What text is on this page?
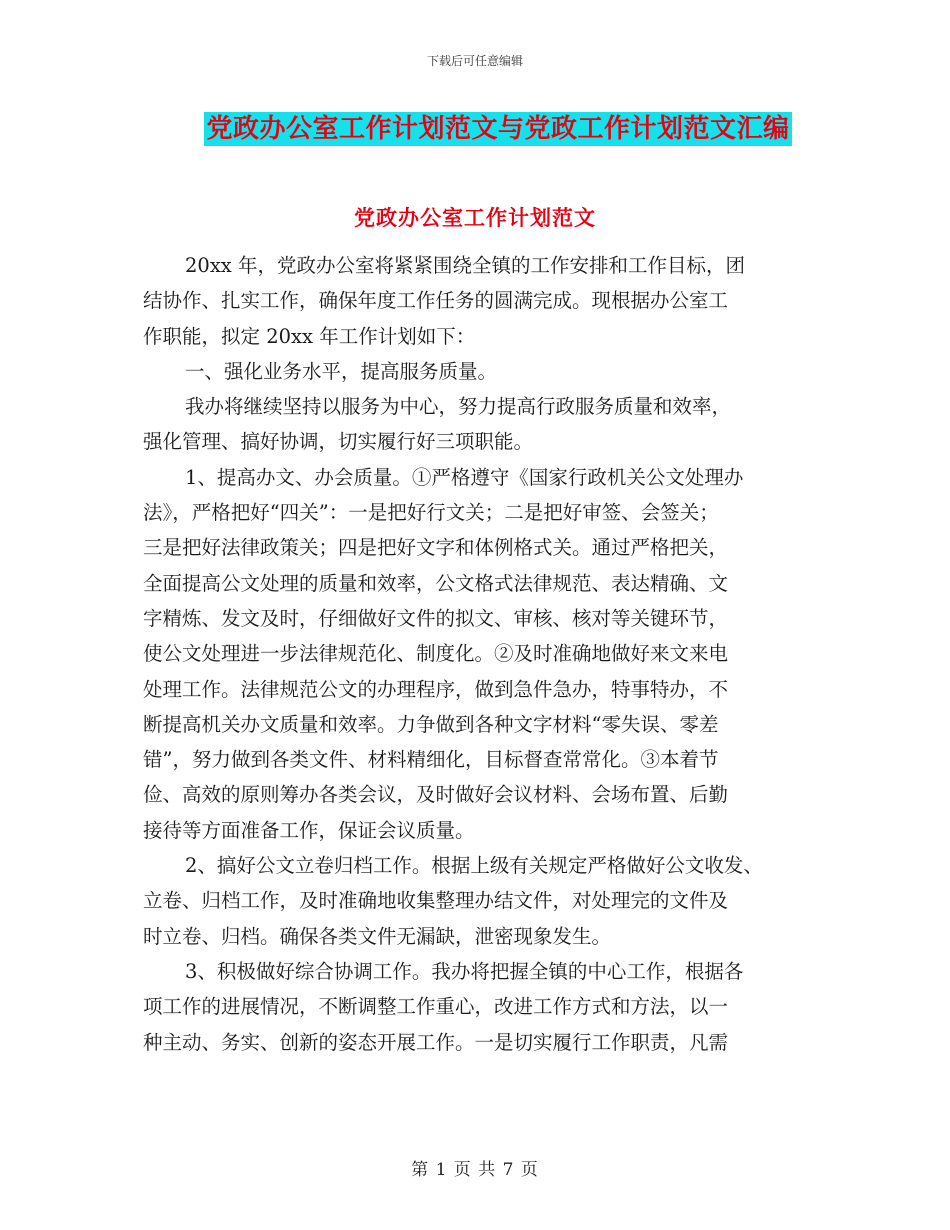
下载后可任意编辑
党政办公室工作计划范文与党政工作计划范文汇编
党政办公室工作计划范文
20xx 年，党政办公室将紧紧围绕全镇的工作安排和工作目标，团
结协作、扎实工作，确保年度工作任务的圆满完成。现根据办公室工
作职能，拟定 20xx 年工作计划如下：
一、强化业务水平，提高服务质量。
我办将继续坚持以服务为中心，努力提高行政服务质量和效率，
强化管理、搞好协调，切实履行好三项职能。
1、提高办文、办会质量。①严格遵守《国家行政机关公文处理办
法》，严格把好“四关”：一是把好行文关；二是把好审签、会签关；
三是把好法律政策关；四是把好文字和体例格式关。通过严格把关，
全面提高公文处理的质量和效率，公文格式法律规范、表达精确、文
字精炼、发文及时，仔细做好文件的拟文、审核、核对等关键环节，
使公文处理进一步法律规范化、制度化。②及时准确地做好来文来电
处理工作。法律规范公文的办理程序，做到急件急办，特事特办，不
断提高机关办文质量和效率。力争做到各种文字材料“零失误、零差
错”，努力做到各类文件、材料精细化，目标督查常常化。③本着节
俭、高效的原则筹办各类会议，及时做好会议材料、会场布置、后勤
接待等方面准备工作，保证会议质量。
2、搞好公文立卷归档工作。根据上级有关规定严格做好公文收发、
立卷、归档工作，及时准确地收集整理办结文件，对处理完的文件及
时立卷、归档。确保各类文件无漏缺，泄密现象发生。
3、积极做好综合协调工作。我办将把握全镇的中心工作，根据各
项工作的进展情况，不断调整工作重心，改进工作方式和方法，以一
种主动、务实、创新的姿态开展工作。一是切实履行工作职责，凡需
第 1 页 共 7 页
